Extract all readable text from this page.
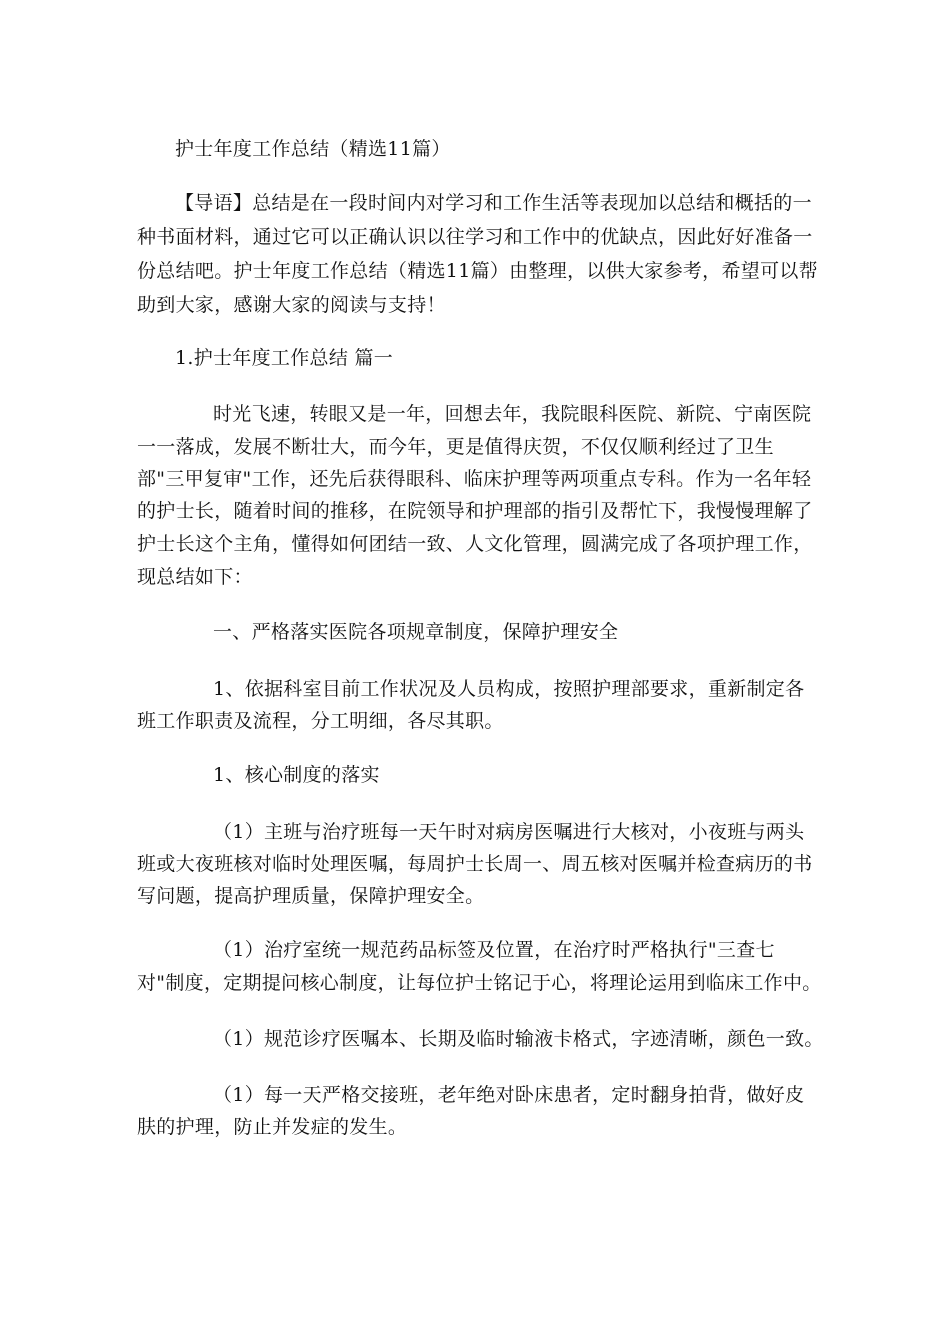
护士年度工作总结（精选11篇）
【导语】总结是在一段时间内对学习和工作生活等表现加以总结和概括的一
种书面材料，通过它可以正确认识以往学习和工作中的优缺点，因此好好准备一
份总结吧。护士年度工作总结（精选11篇）由整理，以供大家参考，希望可以帮
助到大家，感谢大家的阅读与支持！
1.护士年度工作总结 篇一
时光飞速，转眼又是一年，回想去年，我院眼科医院、新院、宁南医院
一一落成，发展不断壮大，而今年，更是值得庆贺，不仅仅顺利经过了卫生
部"三甲复审"工作，还先后获得眼科、临床护理等两项重点专科。作为一名年轻
的护士长，随着时间的推移，在院领导和护理部的指引及帮忙下，我慢慢理解了
护士长这个主角，懂得如何团结一致、人文化管理，圆满完成了各项护理工作，
现总结如下：
一、严格落实医院各项规章制度，保障护理安全
1、依据科室目前工作状况及人员构成，按照护理部要求，重新制定各
班工作职责及流程，分工明细，各尽其职。
1、核心制度的落实
（1）主班与治疗班每一天午时对病房医嘱进行大核对，小夜班与两头
班或大夜班核对临时处理医嘱，每周护士长周一、周五核对医嘱并检查病历的书
写问题，提高护理质量，保障护理安全。
（1）治疗室统一规范药品标签及位置，在治疗时严格执行"三查七
对"制度，定期提问核心制度，让每位护士铭记于心，将理论运用到临床工作中。
（1）规范诊疗医嘱本、长期及临时输液卡格式，字迹清晰，颜色一致。
（1）每一天严格交接班，老年绝对卧床患者，定时翻身拍背，做好皮
肤的护理，防止并发症的发生。
